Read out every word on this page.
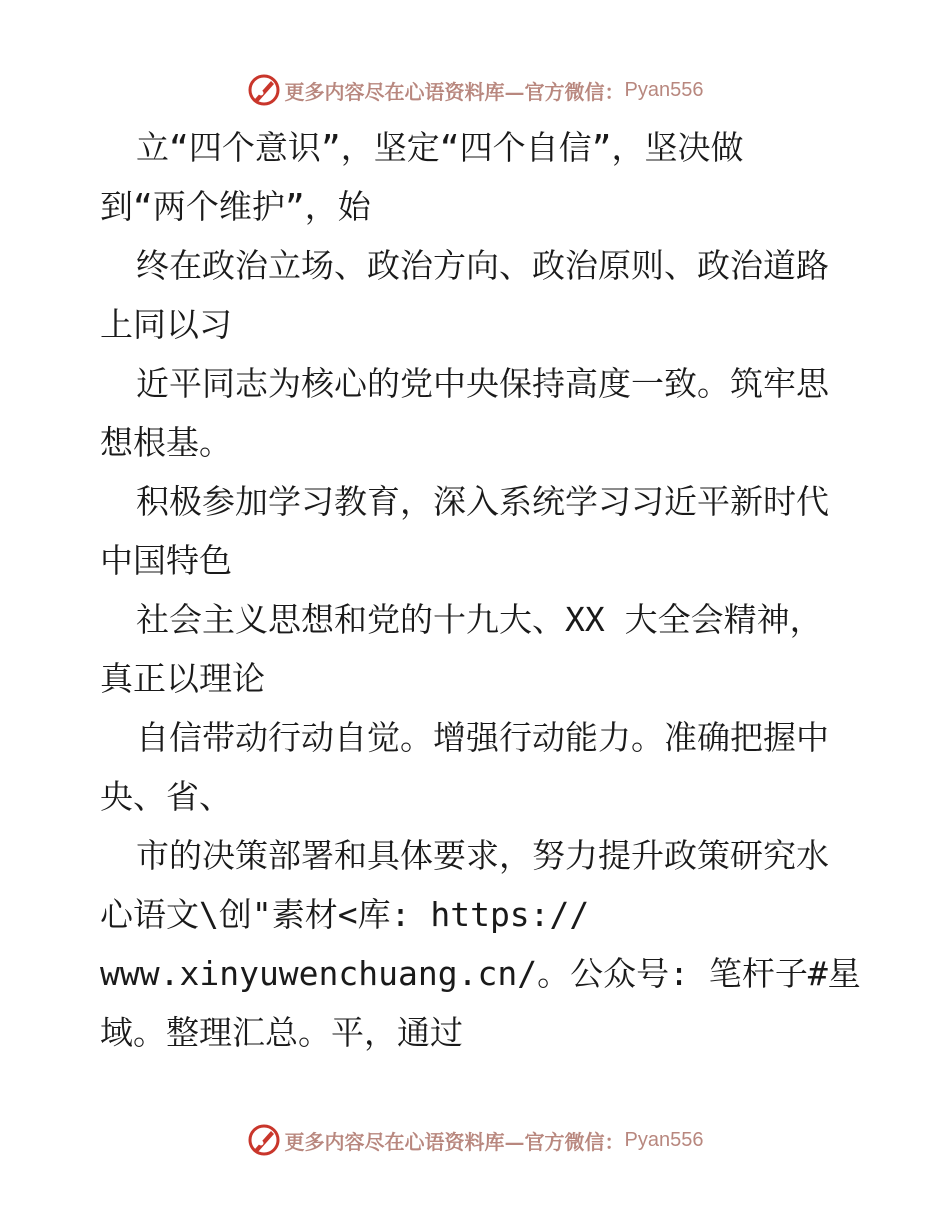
更多内容尽在心语资料库—官方微信： Pyan556
立“四个意识”，坚定“四个自信”，坚决做
到“两个维护”，始
终在政治立场、政治方向、政治原则、政治道路
上同以习
近平同志为核心的党中央保持高度一致。筑牢思
想根基。
积极参加学习教育，深入系统学习习近平新时代
中国特色
社会主义思想和党的十九大、XX 大全会精神，
真正以理论
自信带动行动自觉。增强行动能力。准确把握中
央、省、
市的决策部署和具体要求，努力提升政策研究水
心语文\创"素材<库: https://
www.xinyuwenchuang.cn/。公众号: 笔杆子#星
域。整理汇总。平，通过
更多内容尽在心语资料库—官方微信： Pyan556
